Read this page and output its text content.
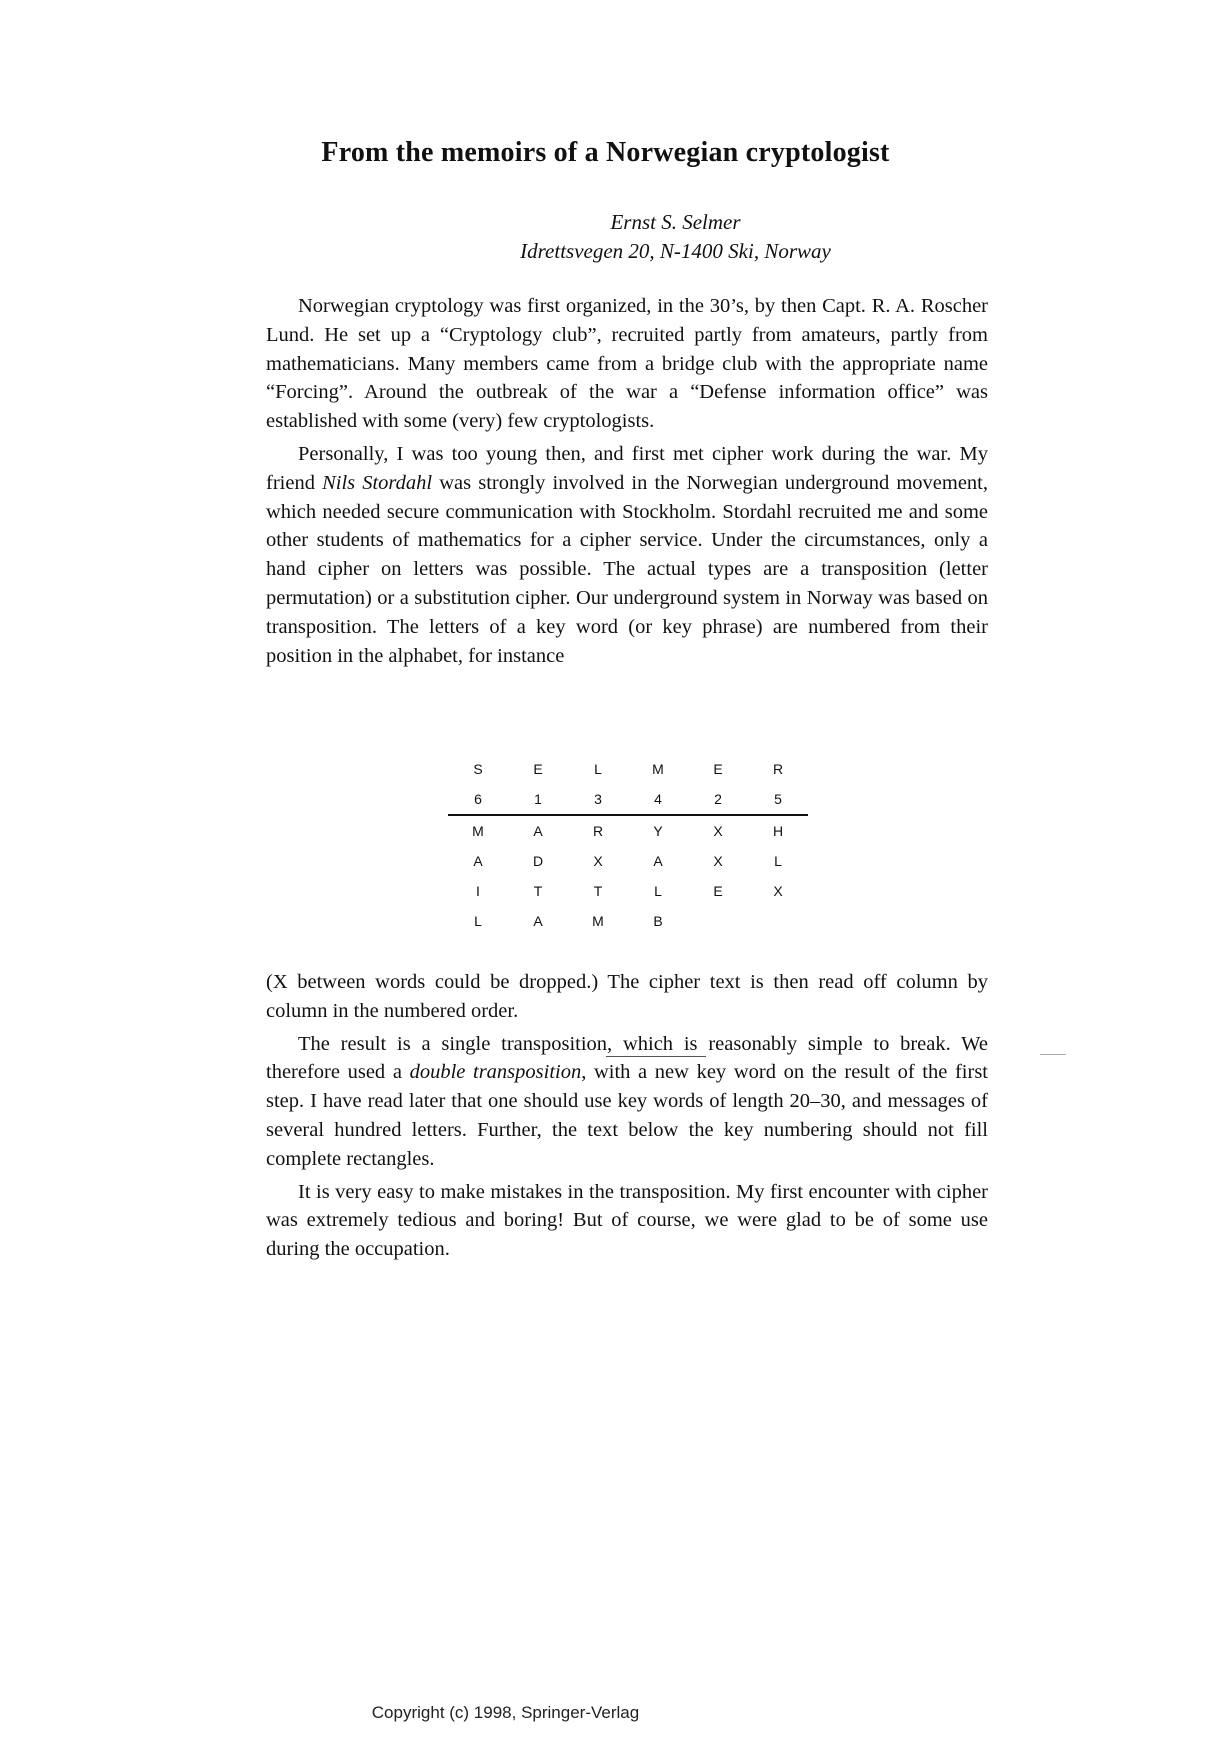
From the memoirs of a Norwegian cryptologist

Ernst S. Selmer

Idrettsvegen 20, N-1400 Ski, Norway

Norwegian cryptology was first organized, in the 30’s, by then Capt. R. A. Roscher Lund. He set up a “Cryptology club”, recruited partly from amateurs, partly from mathematicians. Many members came from a bridge club with the appropriate name “Forcing”. Around the outbreak of the war a “Defense information office” was established with some (very) few cryptologists.

Personally, I was too young then, and first met cipher work during the war. My friend Nils Stordahl was strongly involved in the Norwegian underground movement, which needed secure communication with Stockholm. Stordahl recruited me and some other students of mathematics for a cipher service. Under the circumstances, only a hand cipher on letters was possible. The actual types are a transposition (letter permutation) or a substitution cipher. Our underground system in Norway was based on transposition. The letters of a key word (or key phrase) are numbered from their position in the alphabet, for instance

S	E	L	M	E	R
6	1	3	4	2	5
M	A	R	Y	X	H
A	D	X	A	X	L
I	T	T	L	E	X
L	A	M	B		

(X between words could be dropped.) The cipher text is then read off column by column in the numbered order.

The result is a single transposition, which is reasonably simple to break. We therefore used a double transposition, with a new key word on the result of the first step. I have read later that one should use key words of length 20–30, and messages of several hundred letters. Further, the text below the key numbering should not fill complete rectangles.

It is very easy to make mistakes in the transposition. My first encounter with cipher was extremely tedious and boring! But of course, we were glad to be of some use during the occupation.

Copyright (c) 1998, Springer-Verlag
